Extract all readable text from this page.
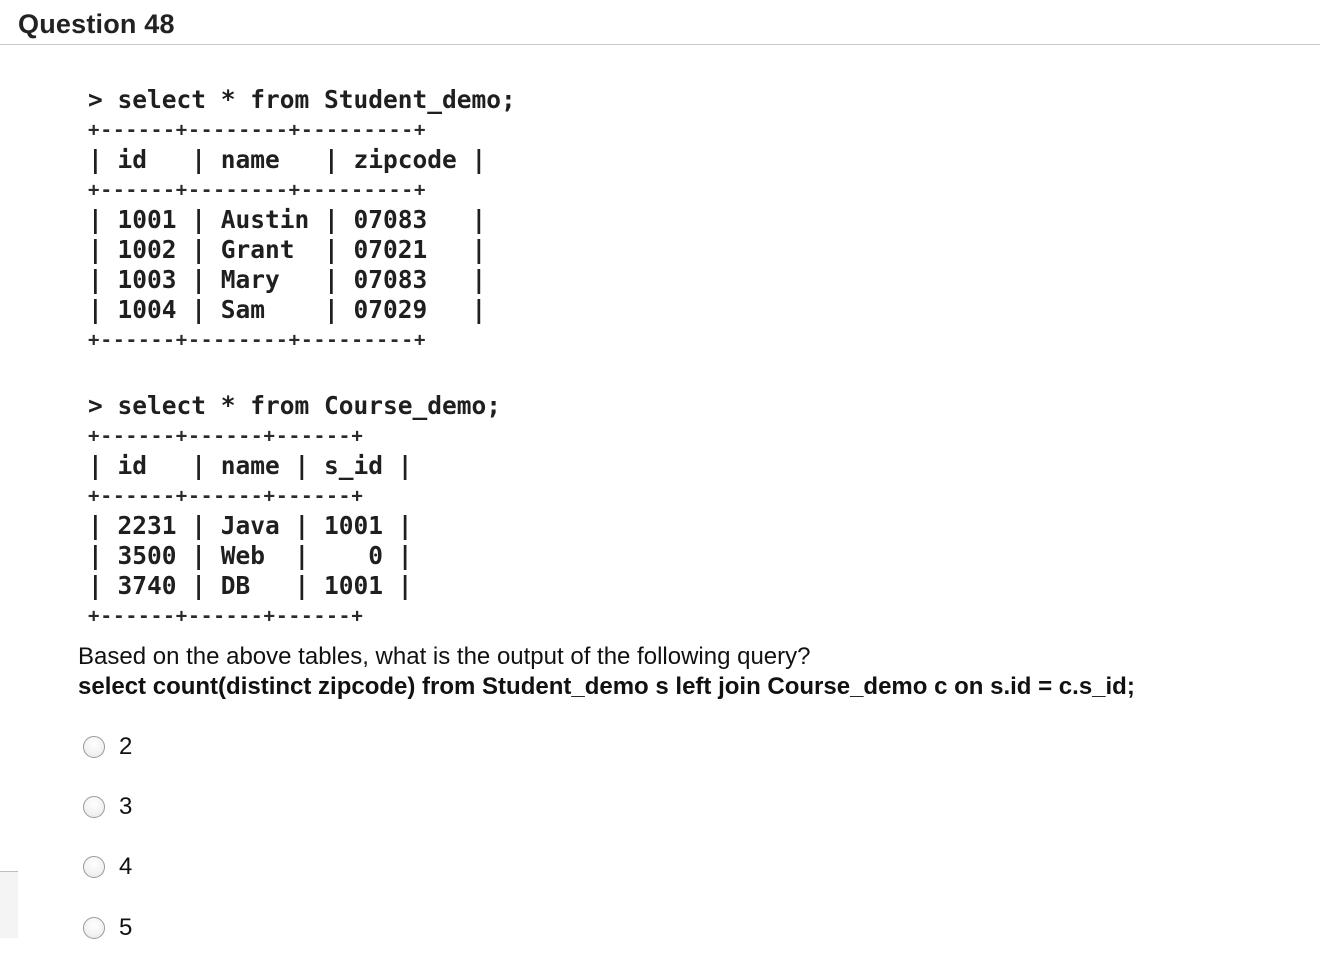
Question 48
> select * from Student_demo;
+------+--------+---------+
| id   | name   | zipcode |
+------+--------+---------+
| 1001 | Austin | 07083   |
| 1002 | Grant  | 07021   |
| 1003 | Mary   | 07083   |
| 1004 | Sam    | 07029   |
+------+--------+---------+
> select * from Course_demo;
+------+------+------+
| id   | name | s_id |
+------+------+------+
| 2231 | Java | 1001 |
| 3500 | Web  |    0 |
| 3740 | DB   | 1001 |
+------+------+------+
Based on the above tables, what is the output of the following query?
select count(distinct zipcode) from Student_demo s left join Course_demo c on s.id = c.s_id;
2
3
4
5
